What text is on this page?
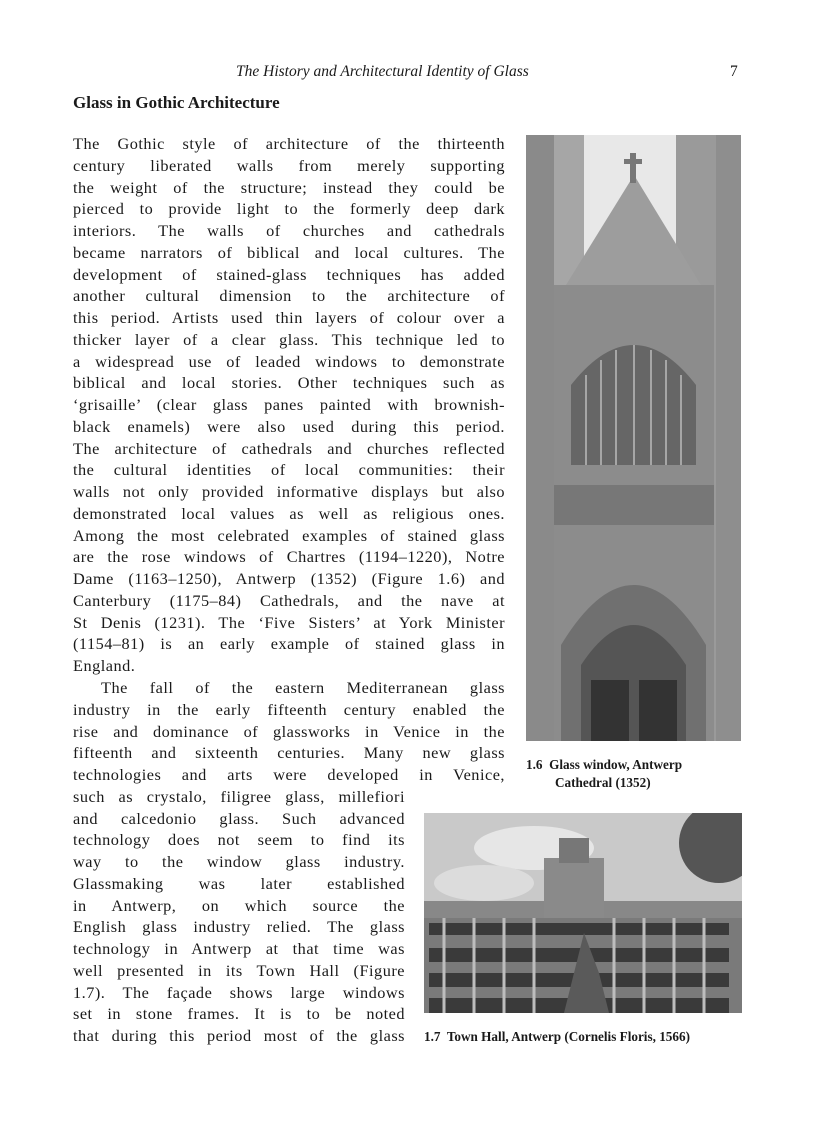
The History and Architectural Identity of Glass	7
Glass in Gothic Architecture
The Gothic style of architecture of the thirteenth
century liberated walls from merely supporting
the weight of the structure; instead they could be
pierced to provide light to the formerly deep dark
interiors. The walls of churches and cathedrals
became narrators of biblical and local cultures. The
development of stained-glass techniques has added
another cultural dimension to the architecture of
this period. Artists used thin layers of colour over a
thicker layer of a clear glass. This technique led to
a widespread use of leaded windows to demonstrate
biblical and local stories. Other techniques such as
‘grisaille’ (clear glass panes painted with brownish-
black enamels) were also used during this period.
The architecture of cathedrals and churches reflected
the cultural identities of local communities: their
walls not only provided informative displays but also
demonstrated local values as well as religious ones.
Among the most celebrated examples of stained glass
are the rose windows of Chartres (1194–1220), Notre
Dame (1163–1250), Antwerp (1352) (Figure 1.6) and
Canterbury (1175–84) Cathedrals, and the nave at
St Denis (1231). The ‘Five Sisters’ at York Minister
(1154–81) is an early example of stained glass in
England.
The fall of the eastern Mediterranean glass
industry in the early fifteenth century enabled the
rise and dominance of glassworks in Venice in the
fifteenth and sixteenth centuries. Many new glass
technologies and arts were developed in Venice,
such as crystalo, filigree glass, millefiori
and calcedonio glass. Such advanced
technology does not seem to find its
way to the window glass industry.
Glassmaking was later established
in Antwerp, on which source the
English glass industry relied. The glass
technology in Antwerp at that time was
well presented in its Town Hall (Figure
1.7). The façade shows large windows
set in stone frames. It is to be noted
that during this period most of the glass
1.6 Glass window, Antwerp
Cathedral (1352)
1.7 Town Hall, Antwerp (Cornelis Floris, 1566)
